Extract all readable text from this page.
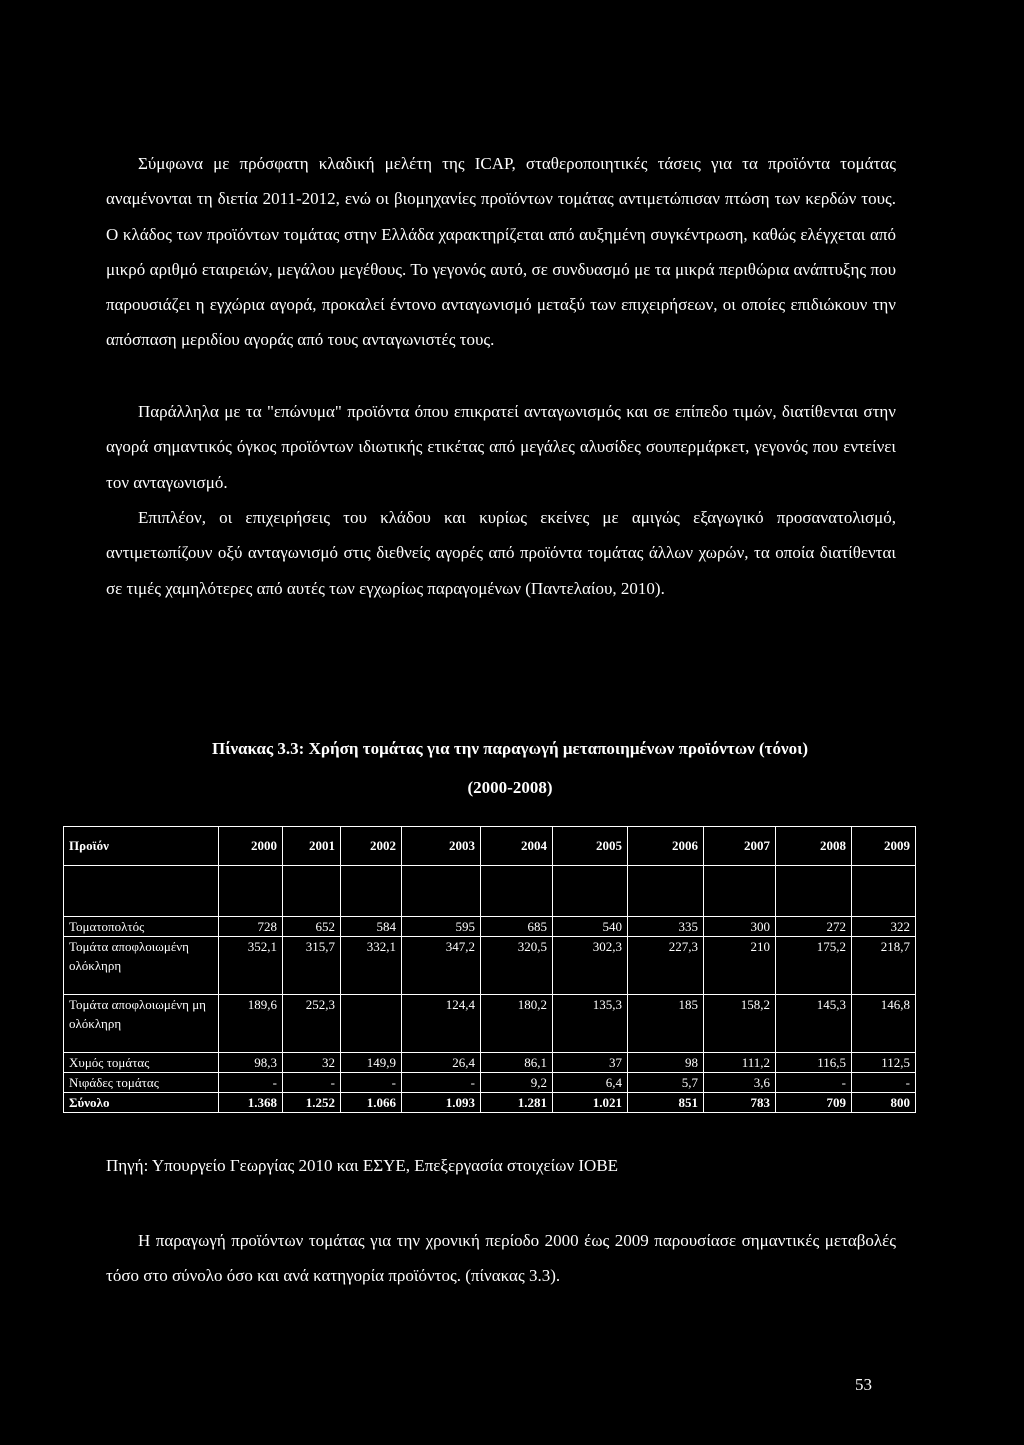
Σύμφωνα με πρόσφατη κλαδική μελέτη της ICAP, σταθεροποιητικές τάσεις για τα προϊόντα τομάτας αναμένονται τη διετία 2011-2012, ενώ οι βιομηχανίες προϊόντων τομάτας αντιμετώπισαν πτώση των κερδών τους. Ο κλάδος των προϊόντων τομάτας στην Ελλάδα χαρακτηρίζεται από αυξημένη συγκέντρωση, καθώς ελέγχεται από μικρό αριθμό εταιρειών, μεγάλου μεγέθους. Το γεγονός αυτό, σε συνδυασμό με τα μικρά περιθώρια ανάπτυξης που παρουσιάζει η εγχώρια αγορά, προκαλεί έντονο ανταγωνισμό μεταξύ των επιχειρήσεων, οι οποίες επιδιώκουν την απόσπαση μεριδίου αγοράς από τους ανταγωνιστές τους.

Παράλληλα με τα "επώνυμα" προϊόντα όπου επικρατεί ανταγωνισμός και σε επίπεδο τιμών, διατίθενται στην αγορά σημαντικός όγκος προϊόντων ιδιωτικής ετικέτας από μεγάλες αλυσίδες σουπερμάρκετ, γεγονός που εντείνει τον ανταγωνισμό.

Επιπλέον, οι επιχειρήσεις του κλάδου και κυρίως εκείνες με αμιγώς εξαγωγικό προσανατολισμό, αντιμετωπίζουν οξύ ανταγωνισμό στις διεθνείς αγορές από προϊόντα τομάτας άλλων χωρών, τα οποία διατίθενται σε τιμές χαμηλότερες από αυτές των εγχωρίως παραγομένων (Παντελαίου, 2010).

Πίνακας 3.3: Χρήση τομάτας για την παραγωγή μεταποιημένων προϊόντων (τόνοι)
(2000-2008)
Προϊόν	2000	2001	2002	2003	2004	2005	2006	2007	2008	2009

Τοματοπολτός	728	652	584	595	685	540	335	300	272	322
Τομάτα αποφλοιωμένη ολόκληρη	352,1	315,7	332,1	347,2	320,5	302,3	227,3	210	175,2	218,7
Τομάτα αποφλοιωμένη μη ολόκληρη	189,6	252,3		124,4	180,2	135,3	185	158,2	145,3	146,8
Χυμός τομάτας	98,3	32	149,9	26,4	86,1	37	98	111,2	116,5	112,5
Νιφάδες τομάτας	-	-	-	-	9,2	6,4	5,7	3,6	-	-
Σύνολο	1.368	1.252	1.066	1.093	1.281	1.021	851	783	709	800

Πηγή: Υπουργείο Γεωργίας 2010 και ΕΣΥΕ, Επεξεργασία στοιχείων ΙΟΒΕ

Η παραγωγή προϊόντων τομάτας για την χρονική περίοδο 2000 έως 2009 παρουσίασε σημαντικές μεταβολές τόσο στο σύνολο όσο και ανά κατηγορία προϊόντος. (πίνακας 3.3).

53
